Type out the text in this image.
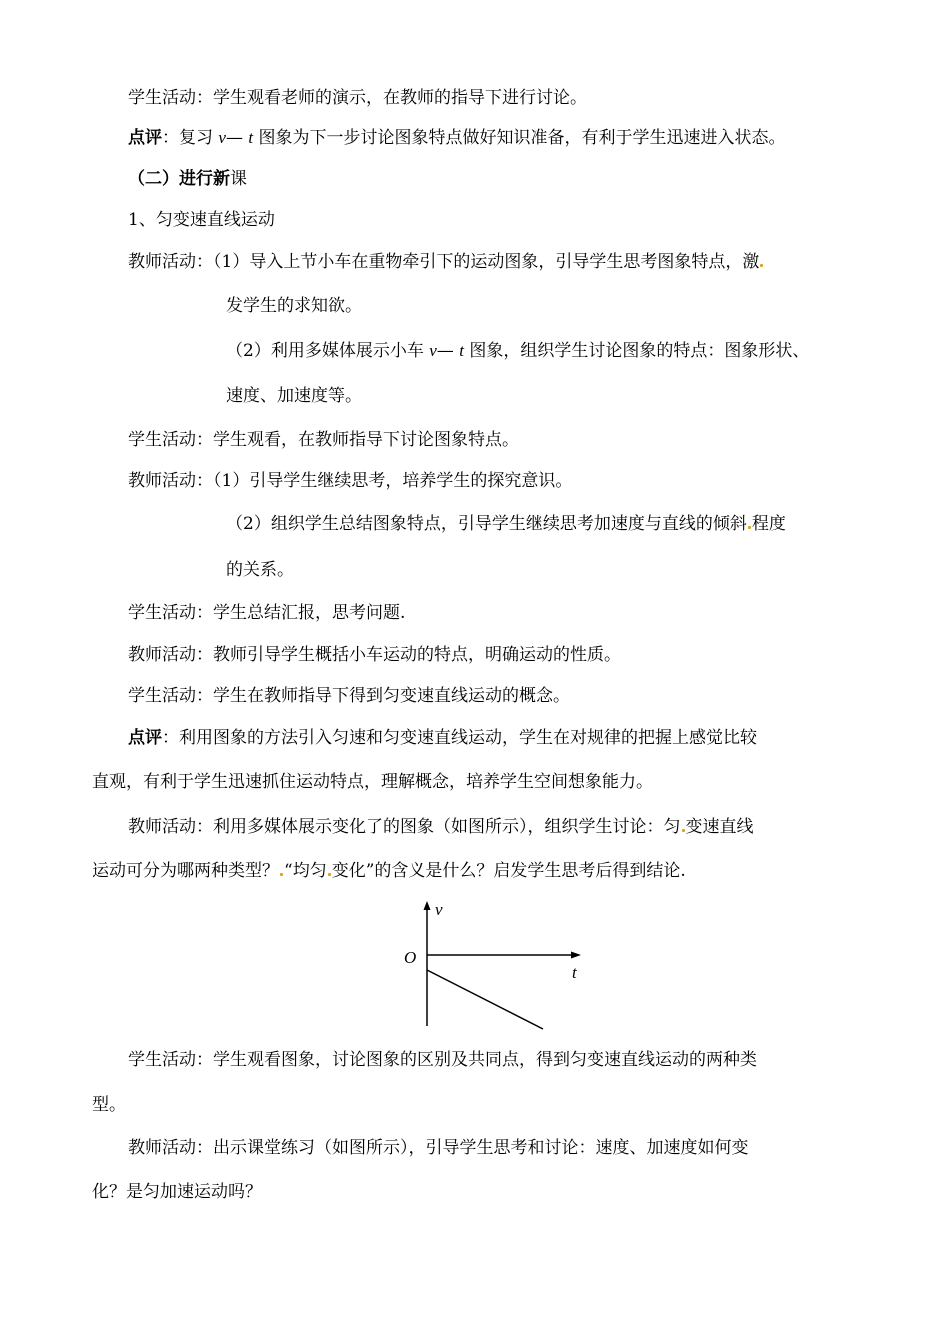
学生活动：学生观看老师的演示，在教师的指导下进行讨论。
点评：复习 v— t 图象为下一步讨论图象特点做好知识准备，有利于学生迅速进入状态。
（二）进行新课
1、匀变速直线运动
教师活动：（1）导入上节小车在重物牵引下的运动图象，引导学生思考图象特点，激
发学生的求知欲。
（2）利用多媒体展示小车 v— t 图象，组织学生讨论图象的特点：图象形状、
速度、加速度等。
学生活动：学生观看，在教师指导下讨论图象特点。
教师活动：（1）引导学生继续思考，培养学生的探究意识。
（2）组织学生总结图象特点，引导学生继续思考加速度与直线的倾斜 程度
的关系。
学生活动：学生总结汇报，思考问题.
教师活动：教师引导学生概括小车运动的特点，明确运动的性质。
学生活动：学生在教师指导下得到匀变速直线运动的概念。
点评：利用图象的方法引入匀速和匀变速直线运动，学生在对规律的把握上感觉比较
直观，有利于学生迅速抓住运动特点，理解概念，培养学生空间想象能力。
教师活动：利用多媒体展示变化了的图象（如图所示），组织学生讨论：匀 变速直线
运动可分为哪两种类型？ “均匀 变化”的含义是什么？启发学生思考后得到结论.
v
O
t
学生活动：学生观看图象，讨论图象的区别及共同点，得到匀变速直线运动的两种类
型。
教师活动：出示课堂练习（如图所示），引导学生思考和讨论：速度、加速度如何变
化？是匀加速运动吗？
